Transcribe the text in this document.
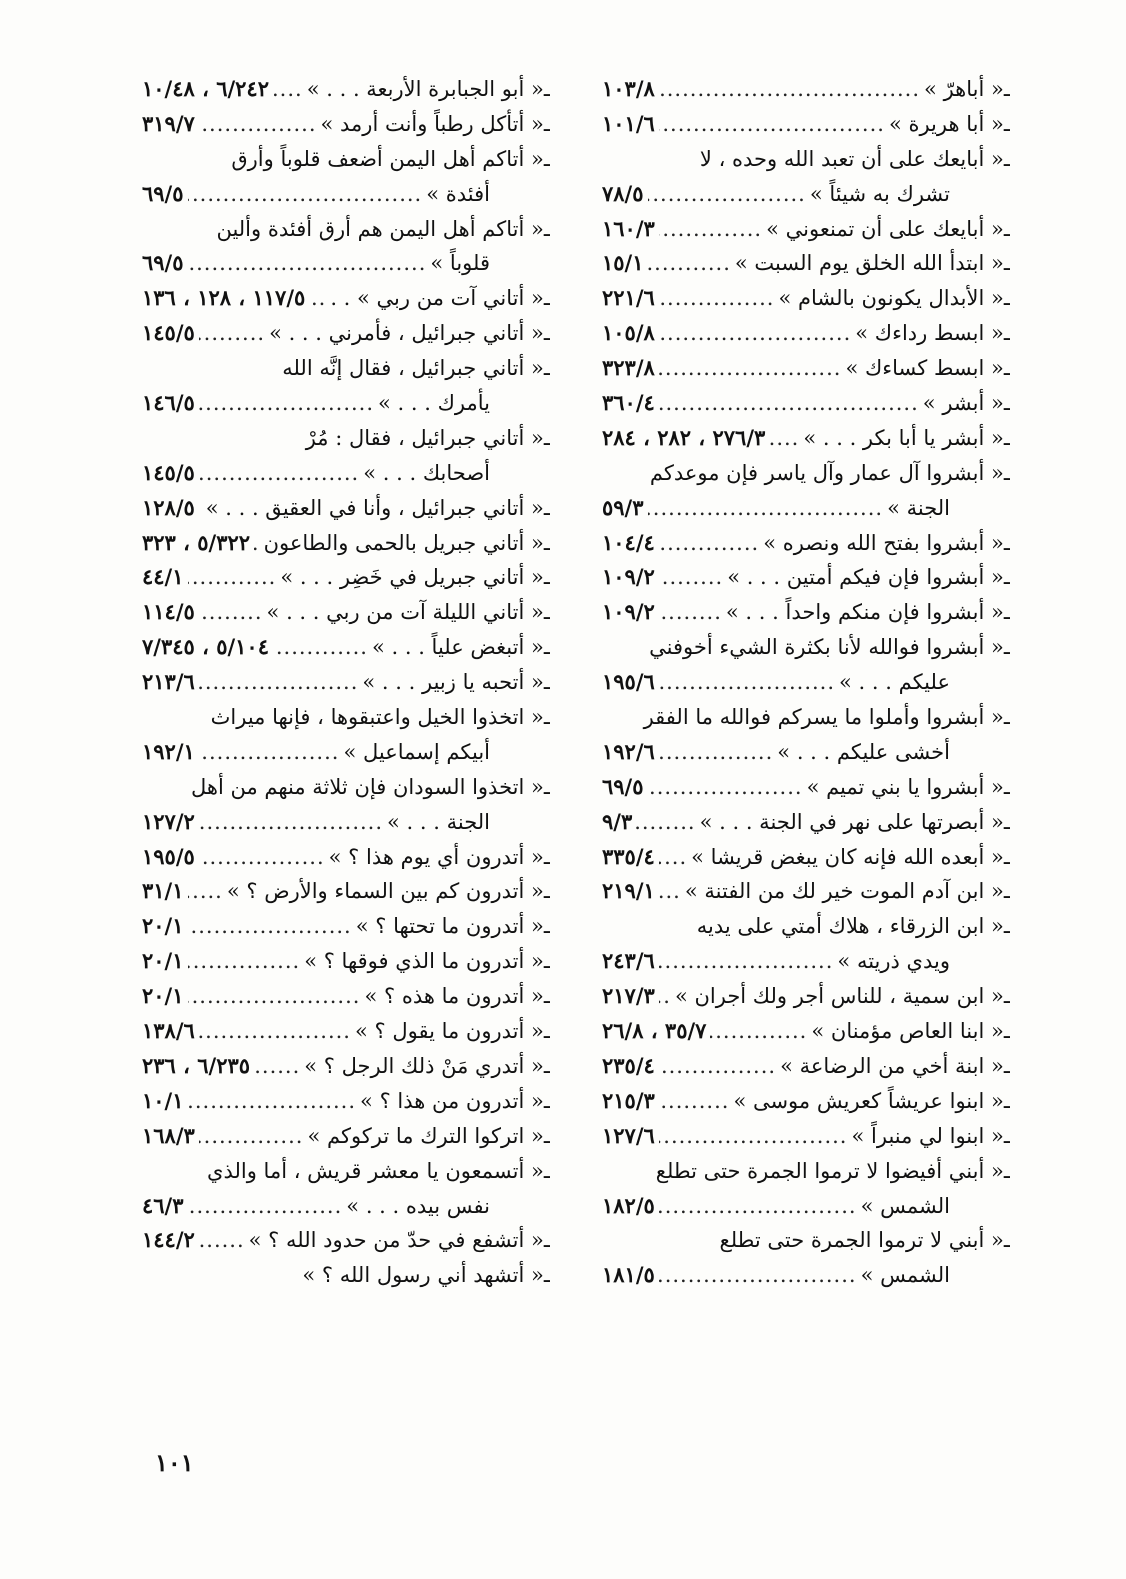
ـ« أباهرّ »
.....
١٠٣/٨
ـ« أبا هريرة »
.....
١٠١/٦
ـ« أبايعك على أن تعبد الله وحده ، لا
تشرك به شيئاً »
.....
٧٨/٥
ـ« أبايعك على أن تمنعوني »
.....
١٦٠/٣
ـ« ابتدأ الله الخلق يوم السبت »
.....
١٥/١
ـ« الأبدال يكونون بالشام »
.....
٢٢١/٦
ـ« ابسط رداءك »
.....
١٠٥/٨
ـ« ابسط كساءك »
.....
٣٢٣/٨
ـ« أبشر »
.....
٣٦٠/٤
ـ« أبشر يا أبا بكر . . . »
.....
٢٧٦/٣ ، ٢٨٢ ، ٢٨٤
ـ« أبشروا آل عمار وآل ياسر فإن موعدكم
الجنة »
.....
٥٩/٣
ـ« أبشروا بفتح الله ونصره »
.....
١٠٤/٤
ـ« أبشروا فإن فيكم أمتين . . . »
.....
١٠٩/٢
ـ« أبشروا فإن منكم واحداً . . . »
.....
١٠٩/٢
ـ« أبشروا فوالله لأنا بكثرة الشيء أخوفني
عليكم . . . »
.....
١٩٥/٦
ـ« أبشروا وأملوا ما يسركم فوالله ما الفقر
أخشى عليكم . . . »
.....
١٩٢/٦
ـ« أبشروا يا بني تميم »
.....
٦٩/٥
ـ« أبصرتها على نهر في الجنة . . . »
.....
٩/٣
ـ« أبعده الله فإنه كان يبغض قريشا »
.....
٣٣٥/٤
ـ« ابن آدم الموت خير لك من الفتنة »
.....
٢١٩/١
ـ« ابن الزرقاء ، هلاك أمتي على يديه
ويدي ذريته »
.....
٢٤٣/٦
ـ« ابن سمية ، للناس أجر ولك أجران »
.....
٢١٧/٣
ـ« ابنا العاص مؤمنان »
.....
٣٥/٧ ، ٢٦/٨
ـ« ابنة أخي من الرضاعة »
.....
٢٣٥/٤
ـ« ابنوا عريشاً كعريش موسى »
.....
٢١٥/٣
ـ« ابنوا لي منبراً »
.....
١٢٧/٦
ـ« أبني أفيضوا لا ترموا الجمرة حتى تطلع
الشمس »
.....
١٨٢/٥
ـ« أبني لا ترموا الجمرة حتى تطلع
الشمس »
.....
١٨١/٥
ـ« أبو الجبابرة الأربعة . . . »
.....
٦/٢٤٢ ، ١٠/٤٨
ـ« أتأكل رطباً وأنت أرمد »
.....
٣١٩/٧
ـ« أتاكم أهل اليمن أضعف قلوباً وأرق
أفئدة »
.....
٦٩/٥
ـ« أتاكم أهل اليمن هم أرق أفئدة وألين
قلوباً »
.....
٦٩/٥
ـ« أتاني آت من ربي » . .
.....
١١٧/٥ ، ١٢٨ ، ١٣٦
ـ« أتاني جبرائيل ، فأمرني . . . »
.....
١٤٥/٥
ـ« أتاني جبرائيل ، فقال إنَّه الله
يأمرك . . . »
.....
١٤٦/٥
ـ« أتاني جبرائيل ، فقال : مُرْ
أصحابك . . . »
.....
١٤٥/٥
ـ« أتاني جبرائيل ، وأنا في العقيق . . . »
.....
١٢٨/٥
ـ« أتاني جبريل بالحمى والطاعون
.....
٥/٣٢٢ ، ٣٢٣
ـ« أتاني جبريل في خَضِر . . . »
.....
٤٤/١
ـ« أتاني الليلة آت من ربي . . . »
.....
١١٤/٥
ـ« أتبغض علياً . . . »
.....
٥/١٠٤ ، ٧/٣٤٥
ـ« أتحبه يا زبير . . . »
.....
٢١٣/٦
ـ« اتخذوا الخيل واعتبقوها ، فإنها ميراث
أبيكم إسماعيل »
.....
١٩٢/١
ـ« اتخذوا السودان فإن ثلاثة منهم من أهل
الجنة . . . »
.....
١٢٧/٢
ـ« أتدرون أي يوم هذا ؟ »
.....
١٩٥/٥
ـ« أتدرون كم بين السماء والأرض ؟ »
.....
٣١/١
ـ« أتدرون ما تحتها ؟ »
.....
٢٠/١
ـ« أتدرون ما الذي فوقها ؟ »
.....
٢٠/١
ـ« أتدرون ما هذه ؟ »
.....
٢٠/١
ـ« أتدرون ما يقول ؟ »
.....
١٣٨/٦
ـ« أتدري مَنْ ذلك الرجل ؟ »
.....
٦/٢٣٥ ، ٢٣٦
ـ« أتدرون من هذا ؟ »
.....
١٠/١
ـ« اتركوا الترك ما تركوكم »
.....
١٦٨/٣
ـ« أتسمعون يا معشر قريش ، أما والذي
نفس بيده . . . »
.....
٤٦/٣
ـ« أتشفع في حدّ من حدود الله ؟ »
.....
١٤٤/٢
ـ« أتشهد أني رسول الله ؟ »
١٠١
